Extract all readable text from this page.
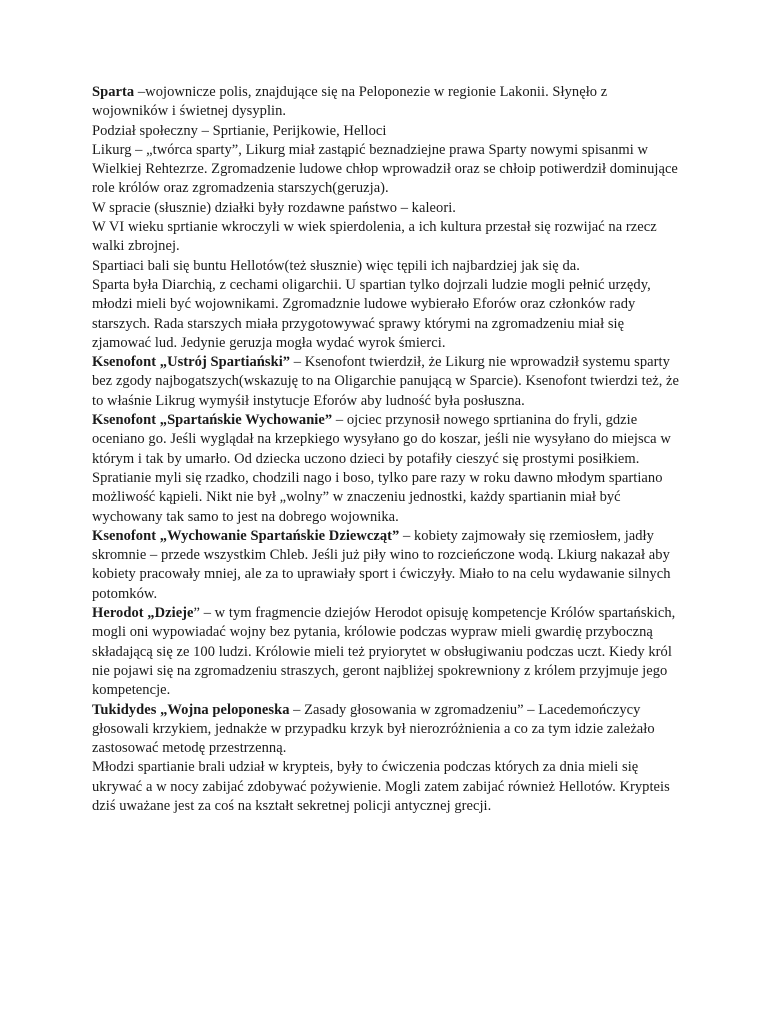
Sparta –wojownicze polis, znajdujące się na Peloponezie w regionie Lakonii. Słynęło z wojowników i świetnej dysyplin.

Podział społeczny – Sprtianie, Perijkowie, Helloci

Likurg – „twórca sparty”, Likurg miał zastąpić beznadziejne prawa Sparty nowymi spisanmi w Wielkiej Rehtezrze. Zgromadzenie ludowe chłop wprowadził oraz se chłoip potiwerdził dominujące role królów oraz zgromadzenia starszych(geruzja).

W spracie (słusznie) działki były rozdawne państwo – kaleori.

W VI wieku sprtianie wkroczyli w wiek spierdolenia, a ich kultura przestał się rozwijać na rzecz walki zbrojnej.

Spartiaci bali się buntu Hellotów(też słusznie) więc tępili ich najbardziej jak się da.

Sparta była Diarchią, z cechami oligarchii. U spartian tylko dojrzali ludzie mogli pełnić urzędy, młodzi mieli być wojownikami. Zgromadznie ludowe wybierało Eforów oraz członków rady starszych. Rada starszych miała przygotowywać sprawy którymi na zgromadzeniu miał się zjamować lud. Jedynie geruzja mogła wydać wyrok śmierci.

Ksenofont „Ustrój Spartiański” – Ksenofont twierdził, że Likurg nie wprowadził systemu sparty bez zgody najbogatszych(wskazuję to na Oligarchie panującą w Sparcie). Ksenofont twierdzi też, że to właśnie Likrug wymyśił instytucje Eforów aby ludność była posłuszna.

Ksenofont „Spartańskie Wychowanie” – ojciec przynosił nowego sprtianina do fryli, gdzie oceniano go. Jeśli wyglądał na krzepkiego wysyłano go do koszar, jeśli nie wysyłano do miejsca w którym i tak by umarło. Od dziecka uczono dzieci by potafiły cieszyć się prostymi posiłkiem. Spratianie myli się rzadko, chodzili nago i boso, tylko pare razy w roku dawno młodym spartiano możliwość kąpieli. Nikt nie był „wolny” w znaczeniu jednostki, każdy spartianin miał być wychowany tak samo to jest na dobrego wojownika.

Ksenofont „Wychowanie Spartańskie Dziewcząt” – kobiety zajmowały się rzemiosłem, jadły skromnie – przede wszystkim Chleb. Jeśli już piły wino to rozcieńczone wodą. Lkiurg nakazał aby kobiety pracowały mniej, ale za to uprawiały sport i ćwiczyły. Miało to na celu wydawanie silnych potomków.

Herodot „Dzieje” – w tym fragmencie dziejów Herodot opisuję kompetencje Królów spartańskich, mogli oni wypowiadać wojny bez pytania, królowie podczas wypraw mieli gwardię przyboczną składającą się ze 100 ludzi. Królowie mieli też pryiorytet w obsługiwaniu podczas uczt. Kiedy król nie pojawi się na zgromadzeniu straszych, geront najbliżej spokrewniony z królem przyjmuje jego kompetencje.

Tukidydes „Wojna peloponeska – Zasady głosowania w zgromadzeniu” – Lacedemończycy głosowali krzykiem, jednakże w przypadku krzyk był nierozróżnienia a co za tym idzie zależało zastosować metodę przestrzenną.

Młodzi spartianie brali udział w krypteis, były to ćwiczenia podczas których za dnia mieli się ukrywać a w nocy zabijać zdobywać pożywienie. Mogli zatem zabijać również Hellotów. Krypteis dziś uważane jest za coś na kształt sekretnej policji antycznej grecji.
